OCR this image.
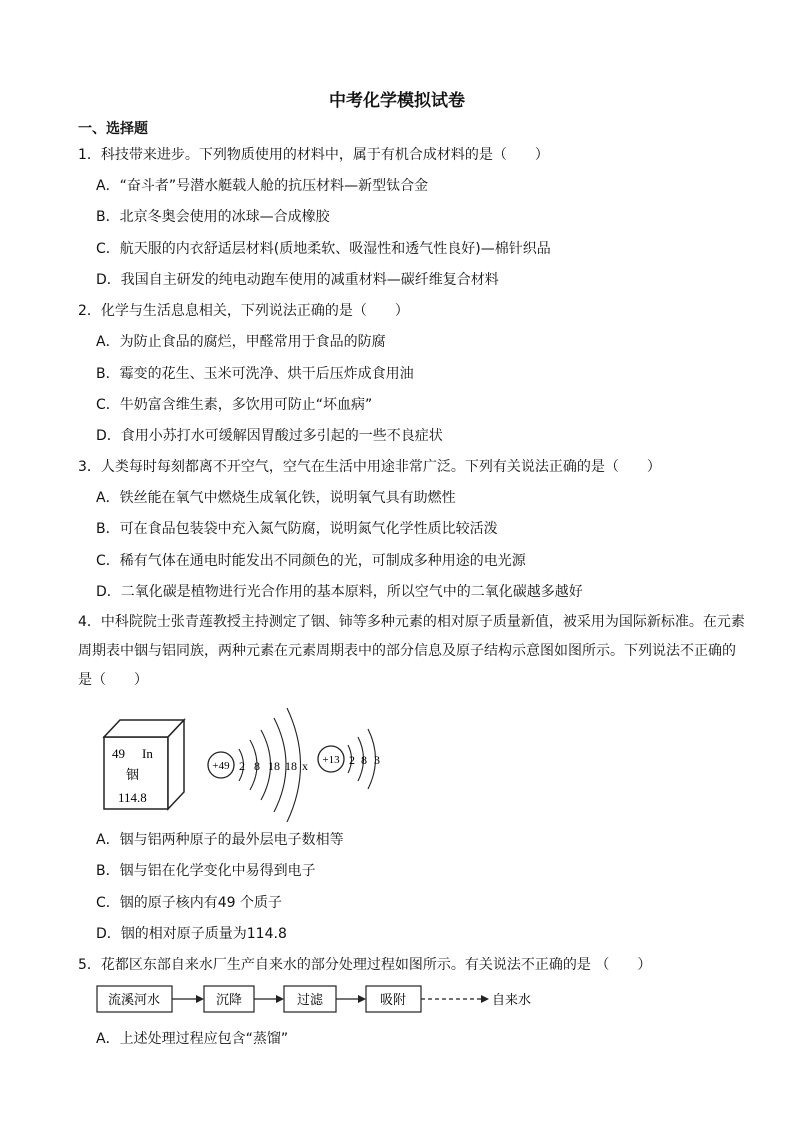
中考化学模拟试卷
一、选择题
1．科技带来进步。下列物质使用的材料中，属于有机合成材料的是（　　）
A．“奋斗者”号潜水艇载人舱的抗压材料—新型钛合金
B．北京冬奥会使用的冰球—合成橡胶
C．航天服的内衣舒适层材料(质地柔软、吸湿性和透气性良好)—棉针织品
D．我国自主研发的纯电动跑车使用的减重材料—碳纤维复合材料
2．化学与生活息息相关，下列说法正确的是（　　）
A．为防止食品的腐烂，甲醛常用于食品的防腐
B．霉变的花生、玉米可洗净、烘干后压炸成食用油
C．牛奶富含维生素，多饮用可防止“坏血病”
D．食用小苏打水可缓解因胃酸过多引起的一些不良症状
3．人类每时每刻都离不开空气，空气在生活中用途非常广泛。下列有关说法正确的是（　　）
A．铁丝能在氧气中燃烧生成氧化铁，说明氧气具有助燃性
B．可在食品包装袋中充入氮气防腐，说明氮气化学性质比较活泼
C．稀有气体在通电时能发出不同颜色的光，可制成多种用途的电光源
D．二氧化碳是植物进行光合作用的基本原料，所以空气中的二氧化碳越多越好
4．中科院院士张青莲教授主持测定了铟、铈等多种元素的相对原子质量新值，被采用为国际新标准。在元素周期表中铟与铝同族，两种元素在元素周期表中的部分信息及原子结构示意图如图所示。下列说法不正确的是（　　）
49 In
铟
114.8
+49 2 8 18 18 x +13 2 8 3
A．铟与铝两种原子的最外层电子数相等
B．铟与铝在化学变化中易得到电子
C．铟的原子核内有49 个质子
D．铟的相对原子质量为114.8
5．花都区东部自来水厂生产自来水的部分处理过程如图所示。有关说法不正确的是 （　　）
流溪河水	沉降	过滤	吸附	自来水
A．上述处理过程应包含“蒸馏”
